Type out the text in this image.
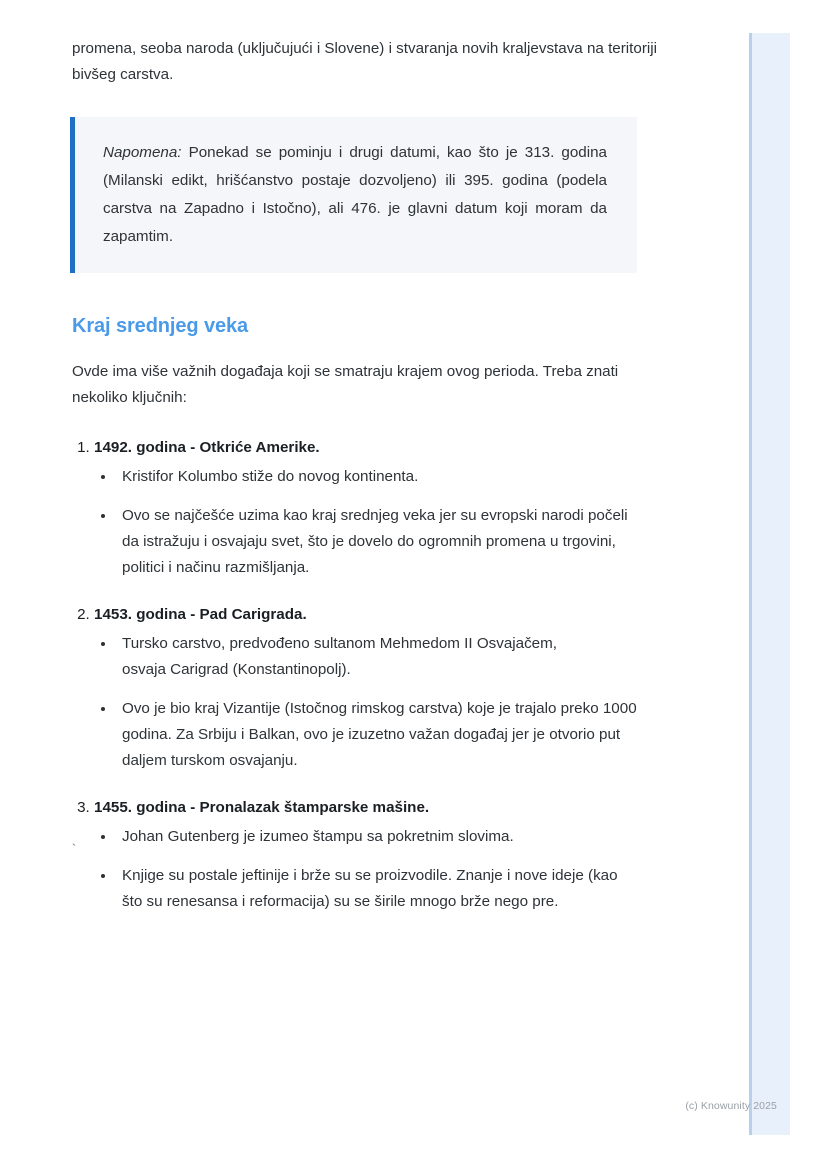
promena, seoba naroda (uključujući i Slovene) i stvaranja novih kraljevstava na teritoriji bivšeg carstva.

Napomena: Ponekad se pominju i drugi datumi, kao što je 313. godina (Milanski edikt, hrišćanstvo postaje dozvoljeno) ili 395. godina (podela carstva na Zapadno i Istočno), ali 476. je glavni datum koji moram da zapamtim.

Kraj srednjeg veka

Ovde ima više važnih događaja koji se smatraju krajem ovog perioda. Treba znati nekoliko ključnih:

1. 1492. godina - Otkriće Amerike.
• Kristifor Kolumbo stiže do novog kontinenta.
• Ovo se najčešće uzima kao kraj srednjeg veka jer su evropski narodi počeli da istražuju i osvajaju svet, što je dovelo do ogromnih promena u trgovini, politici i načinu razmišljanja.
2. 1453. godina - Pad Carigrada.
• Tursko carstvo, predvođeno sultanom Mehmedom II Osvajačem, osvaja Carigrad (Konstantinopolj).
• Ovo je bio kraj Vizantije (Istočnog rimskog carstva) koje je trajalo preko 1000 godina. Za Srbiju i Balkan, ovo je izuzetno važan događaj jer je otvorio put daljem turskom osvajanju.
3. 1455. godina - Pronalazak štamparske mašine.
• Johan Gutenberg je izumeo štampu sa pokretnim slovima.
• Knjige su postale jeftinije i brže su se proizvodile. Znanje i nove ideje (kao što su renesansa i reformacija) su se širile mnogo brže nego pre.
`
(c) Knowunity 2025
